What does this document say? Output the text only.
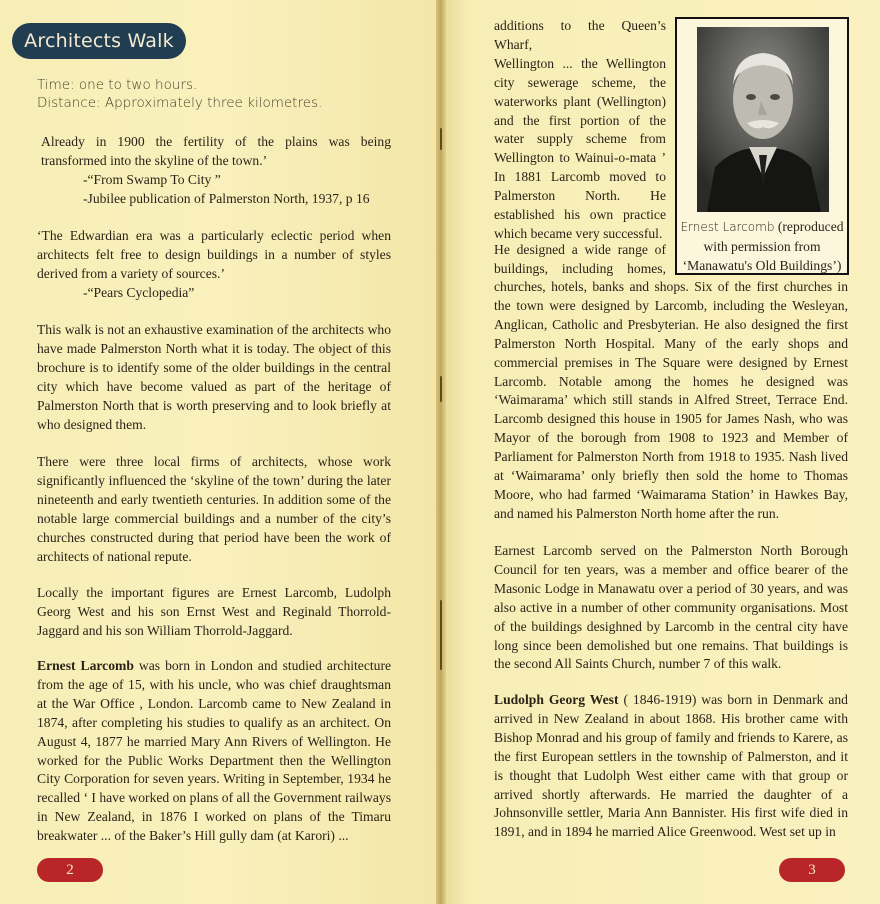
Architects Walk
Time: one to two hours.
Distance: Approximately three kilometres.

Already in 1900 the fertility of the plains was being transformed into the skyline of the town.’

-“From Swamp To City ”

-Jubilee publication of Palmerston North, 1937, p 16

‘The Edwardian era was a particularly eclectic period when architects felt free to design buildings in a number of styles derived from a variety of sources.’

-“Pears Cyclopedia”

This walk is not an exhaustive examination of the architects who have made Palmerston North what it is today. The object of this brochure is to identify some of the older buildings in the central city which have become valued as part of the heritage of Palmerston North that is worth preserving and to look briefly at who designed them.
There were three local firms of architects, whose work significantly influenced the ‘skyline of the town’ during the later nineteenth and early twentieth centuries. In addition some of the notable large commercial buildings and a number of the city’s churches constructed during that period have been the work of architects of national repute.
Locally the important figures are Ernest Larcomb, Ludolph Georg West and his son Ernst West and Reginald Thorrold-Jaggard and his son William Thorrold-Jaggard.
Ernest Larcomb was born in London and studied architecture from the age of 15, with his uncle, who was chief draughtsman at the War Office , London. Larcomb came to New Zealand in 1874, after completing his studies to qualify as an architect. On August 4, 1877 he married Mary Ann Rivers of Wellington. He worked for the Public Works Department then the Wellington City Corporation for seven years. Writing in September, 1934 he recalled ‘ I have worked on plans of all the Government railways in New Zealand, in 1876 I worked on plans of the Timaru breakwater ... of the Baker’s Hill gully dam (at Karori) ...
2

additions to the Queen’s Wharf,

Wellington ... the Wellington

city sewerage scheme, the

waterworks plant (Wellington)

and the first portion of the

water supply scheme from

Wellington to Wainui-o-mata ’

In 1881 Larcomb moved to

Palmerston North. He

established his own practice

which became very successful.

He designed a wide range of

buildings, including homes,

Ernest Larcomb (reproduced
with permission from
‘Manawatu's Old Buildings’)
churches, hotels, banks and shops. Six of the first churches in the town were designed by Larcomb, including the Wesleyan, Anglican, Catholic and Presbyterian. He also designed the first Palmerston North Hospital. Many of the early shops and commercial premises in The Square were designed by Ernest Larcomb. Notable among the homes he designed was ‘Waimarama’ which still stands in Alfred Street, Terrace End. Larcomb designed this house in 1905 for James Nash, who was Mayor of the borough from 1908 to 1923 and Member of Parliament for Palmerston North from 1918 to 1935. Nash lived at ‘Waimarama’ only briefly then sold the home to Thomas Moore, who had farmed ‘Waimarama Station’ in Hawkes Bay, and named his Palmerston North home after the run.
Earnest Larcomb served on the Palmerston North Borough Council for ten years, was a member and office bearer of the Masonic Lodge in Manawatu over a period of 30 years, and was also active in a number of other community organisations. Most of the buildings desighned by Larcomb in the central city have long since been demolished but one remains. That buildings is the second All Saints Church, number 7 of this walk.
Ludolph Georg West ( 1846-1919) was born in Denmark and arrived in New Zealand in about 1868. His brother came with Bishop Monrad and his group of family and friends to Karere, as the first European settlers in the township of Palmerston, and it is thought that Ludolph West either came with that group or arrived shortly afterwards. He married the daughter of a Johnsonville settler, Maria Ann Bannister. His first wife died in 1891, and in 1894 he married Alice Greenwood. West set up in
3
